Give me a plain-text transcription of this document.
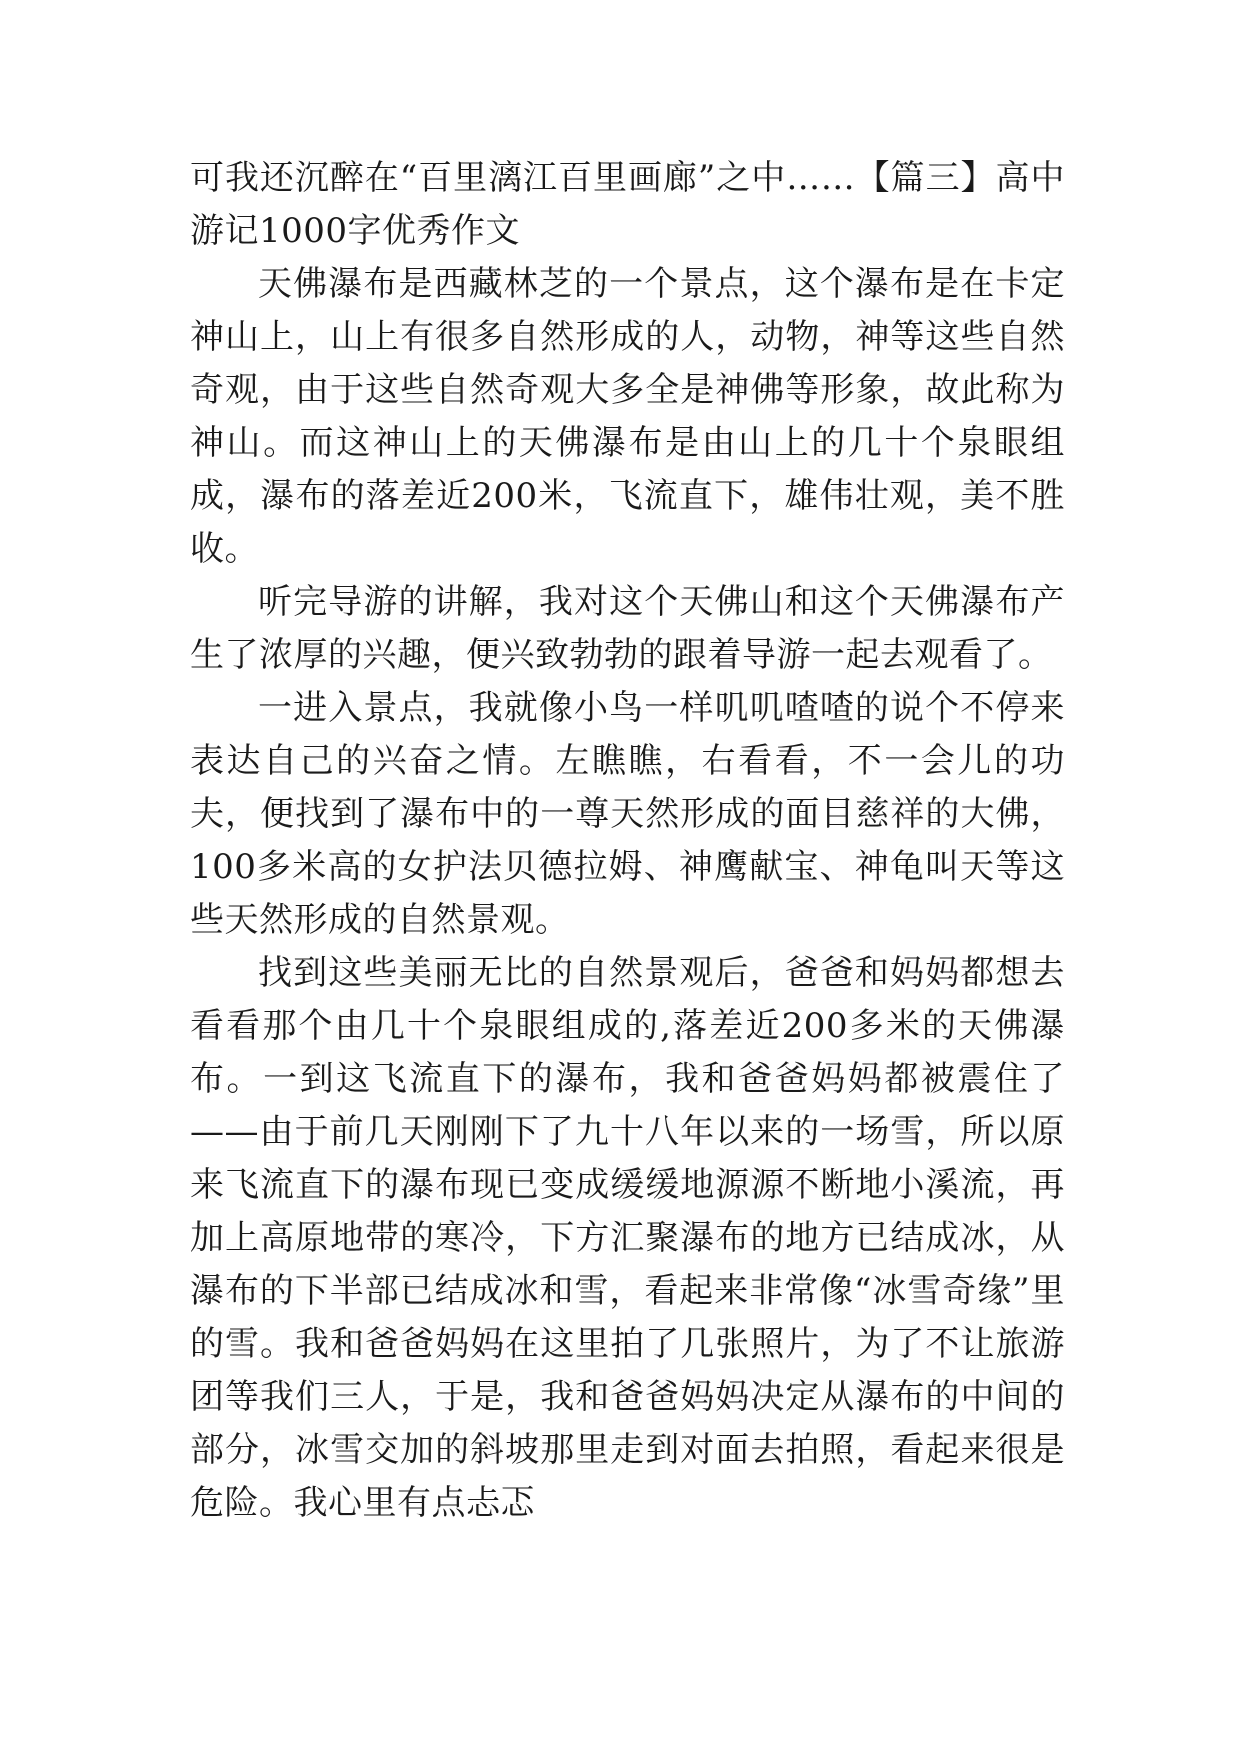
可我还沉醉在“百里漓江百里画廊”之中……【篇三】高中游记1000字优秀作文

天佛瀑布是西藏林芝的一个景点，这个瀑布是在卡定神山上，山上有很多自然形成的人，动物，神等这些自然奇观，由于这些自然奇观大多全是神佛等形象，故此称为神山。而这神山上的天佛瀑布是由山上的几十个泉眼组成，瀑布的落差近200米，飞流直下，雄伟壮观，美不胜收。

听完导游的讲解，我对这个天佛山和这个天佛瀑布产生了浓厚的兴趣，便兴致勃勃的跟着导游一起去观看了。

一进入景点，我就像小鸟一样叽叽喳喳的说个不停来表达自己的兴奋之情。左瞧瞧，右看看，不一会儿的功夫，便找到了瀑布中的一尊天然形成的面目慈祥的大佛，100多米高的女护法贝德拉姆、神鹰献宝、神龟叫天等这些天然形成的自然景观。

找到这些美丽无比的自然景观后，爸爸和妈妈都想去看看那个由几十个泉眼组成的,落差近200多米的天佛瀑布。一到这飞流直下的瀑布，我和爸爸妈妈都被震住了——由于前几天刚刚下了九十八年以来的一场雪，所以原来飞流直下的瀑布现已变成缓缓地源源不断地小溪流，再加上高原地带的寒冷，下方汇聚瀑布的地方已结成冰，从瀑布的下半部已结成冰和雪，看起来非常像“冰雪奇缘”里的雪。我和爸爸妈妈在这里拍了几张照片，为了不让旅游团等我们三人，于是，我和爸爸妈妈决定从瀑布的中间的部分，冰雪交加的斜坡那里走到对面去拍照，看起来很是危险。我心里有点忐忑
